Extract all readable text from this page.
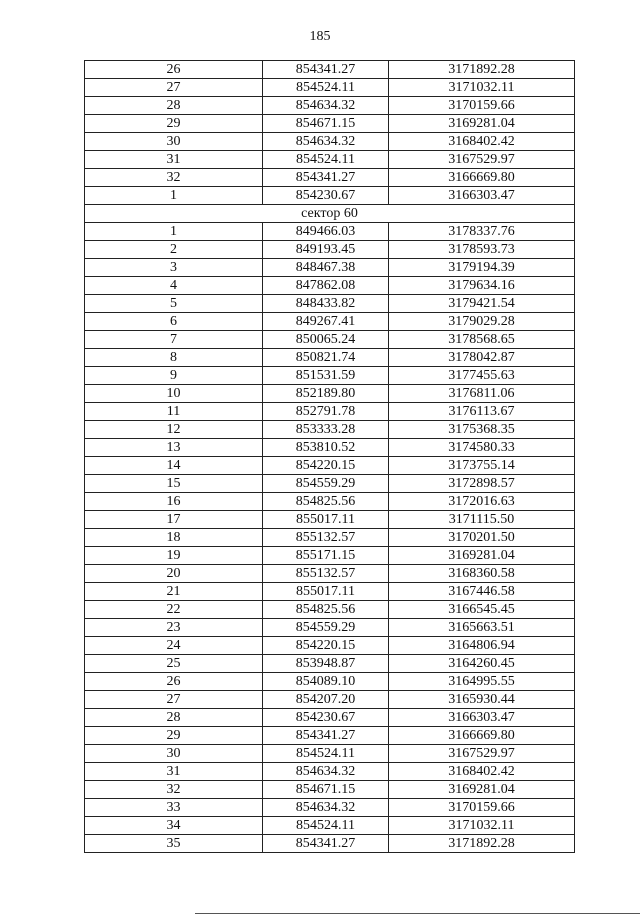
185
26	854341.27	3171892.28
27	854524.11	3171032.11
28	854634.32	3170159.66
29	854671.15	3169281.04
30	854634.32	3168402.42
31	854524.11	3167529.97
32	854341.27	3166669.80
1	854230.67	3166303.47
сектор 60		
1	849466.03	3178337.76
2	849193.45	3178593.73
3	848467.38	3179194.39
4	847862.08	3179634.16
5	848433.82	3179421.54
6	849267.41	3179029.28
7	850065.24	3178568.65
8	850821.74	3178042.87
9	851531.59	3177455.63
10	852189.80	3176811.06
11	852791.78	3176113.67
12	853333.28	3175368.35
13	853810.52	3174580.33
14	854220.15	3173755.14
15	854559.29	3172898.57
16	854825.56	3172016.63
17	855017.11	3171115.50
18	855132.57	3170201.50
19	855171.15	3169281.04
20	855132.57	3168360.58
21	855017.11	3167446.58
22	854825.56	3166545.45
23	854559.29	3165663.51
24	854220.15	3164806.94
25	853948.87	3164260.45
26	854089.10	3164995.55
27	854207.20	3165930.44
28	854230.67	3166303.47
29	854341.27	3166669.80
30	854524.11	3167529.97
31	854634.32	3168402.42
32	854671.15	3169281.04
33	854634.32	3170159.66
34	854524.11	3171032.11
35	854341.27	3171892.28
